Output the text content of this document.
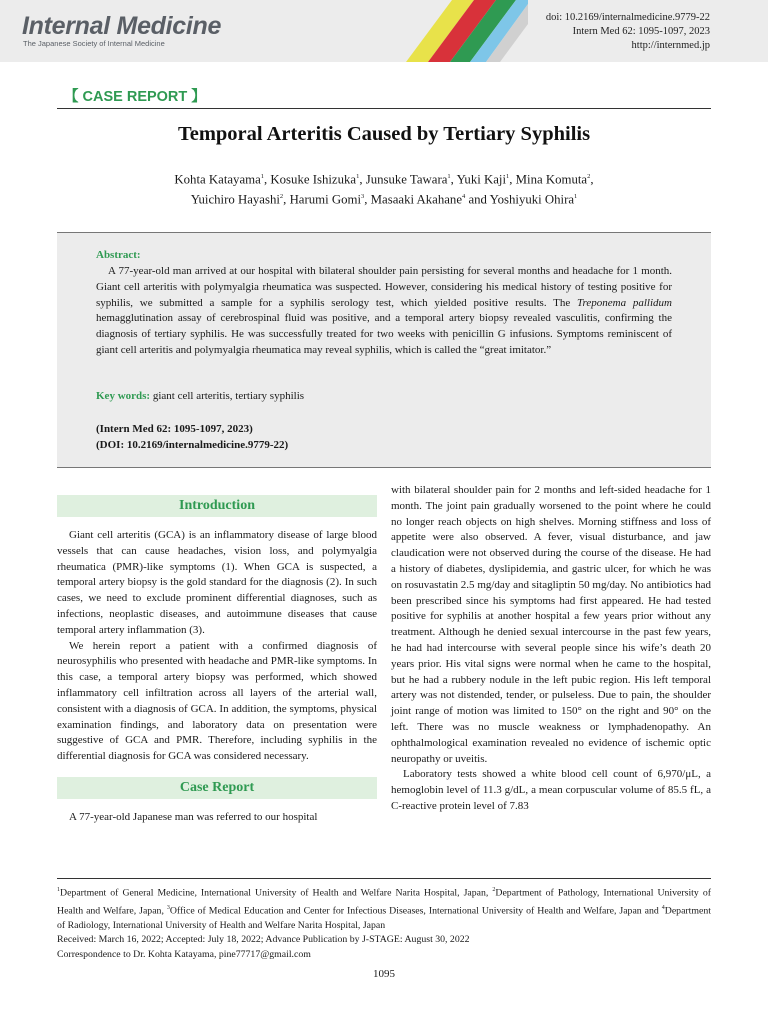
Internal Medicine
The Japanese Society of Internal Medicine
doi: 10.2169/internalmedicine.9779-22
Intern Med 62: 1095-1097, 2023
http://internmed.jp
【 CASE REPORT 】
Temporal Arteritis Caused by Tertiary Syphilis
Kohta Katayama$^1$, Kosuke Ishizuka$^1$, Junsuke Tawara$^1$, Yuki Kaji$^1$, Mina Komuta$^2$,
Yuichiro Hayashi$^2$, Harumi Gomi$^3$, Masaaki Akahane$^4$ and Yoshiyuki Ohira$^1$
Abstract:
A 77-year-old man arrived at our hospital with bilateral shoulder pain persisting for several months and headache for 1 month. Giant cell arteritis with polymyalgia rheumatica was suspected. However, considering his medical history of testing positive for syphilis, we submitted a sample for a syphilis serology test, which yielded positive results. The Treponema pallidum hemagglutination assay of cerebrospinal fluid was positive, and a temporal artery biopsy revealed vasculitis, confirming the diagnosis of tertiary syphilis. He was successfully treated for two weeks with penicillin G infusions. Symptoms reminiscent of giant cell arteritis and polymyalgia rheumatica may reveal syphilis, which is called the “great imitator.”
Key words: giant cell arteritis, tertiary syphilis
(Intern Med 62: 1095-1097, 2023)
(DOI: 10.2169/internalmedicine.9779-22)
Introduction

Giant cell arteritis (GCA) is an inflammatory disease of large blood vessels that can cause headaches, vision loss, and polymyalgia rheumatica (PMR)-like symptoms (1). When GCA is suspected, a temporal artery biopsy is the gold standard for the diagnosis (2). In such cases, we need to exclude prominent differential diagnoses, such as infections, neoplastic diseases, and autoimmune diseases that cause temporal artery inflammation (3).

We herein report a patient with a confirmed diagnosis of neurosyphilis who presented with headache and PMR-like symptoms. In this case, a temporal artery biopsy was performed, which showed inflammatory cell infiltration across all layers of the arterial wall, consistent with a diagnosis of GCA. In addition, the symptoms, physical examination findings, and laboratory data on presentation were suggestive of GCA and PMR. Therefore, including syphilis in the differential diagnosis for GCA was considered necessary.

Case Report

A 77-year-old Japanese man was referred to our hospital

with bilateral shoulder pain for 2 months and left-sided headache for 1 month. The joint pain gradually worsened to the point where he could no longer reach objects on high shelves. Morning stiffness and loss of appetite were also observed. A fever, visual disturbance, and jaw claudication were not observed during the course of the disease. He had a history of diabetes, dyslipidemia, and gastric ulcer, for which he was on rosuvastatin 2.5 mg/day and sitagliptin 50 mg/day. No antibiotics had been prescribed since his symptoms had first appeared. He had tested positive for syphilis at another hospital a few years prior without any treatment. Although he denied sexual intercourse in the past few years, he had had intercourse with several people since his wife’s death 20 years prior. His vital signs were normal when he came to the hospital, but he had a rubbery nodule in the left pubic region. His left temporal artery was not distended, tender, or pulseless. Due to pain, the shoulder joint range of motion was limited to 150° on the right and 90° on the left. There was no muscle weakness or lymphadenopathy. An ophthalmological examination revealed no evidence of ischemic optic neuropathy or uveitis.

Laboratory tests showed a white blood cell count of 6,970/μL, a hemoglobin level of 11.3 g/dL, a mean corpuscular volume of 85.5 fL, a C-reactive protein level of 7.83

$^1$Department of General Medicine, International University of Health and Welfare Narita Hospital, Japan, $^2$Department of Pathology, International University of Health and Welfare, Japan, $^3$Office of Medical Education and Center for Infectious Diseases, International University of Health and Welfare, Japan and $^4$Department of Radiology, International University of Health and Welfare Narita Hospital, Japan
Received: March 16, 2022; Accepted: July 18, 2022; Advance Publication by J-STAGE: August 30, 2022
Correspondence to Dr. Kohta Katayama, pine77717@gmail.com
1095
